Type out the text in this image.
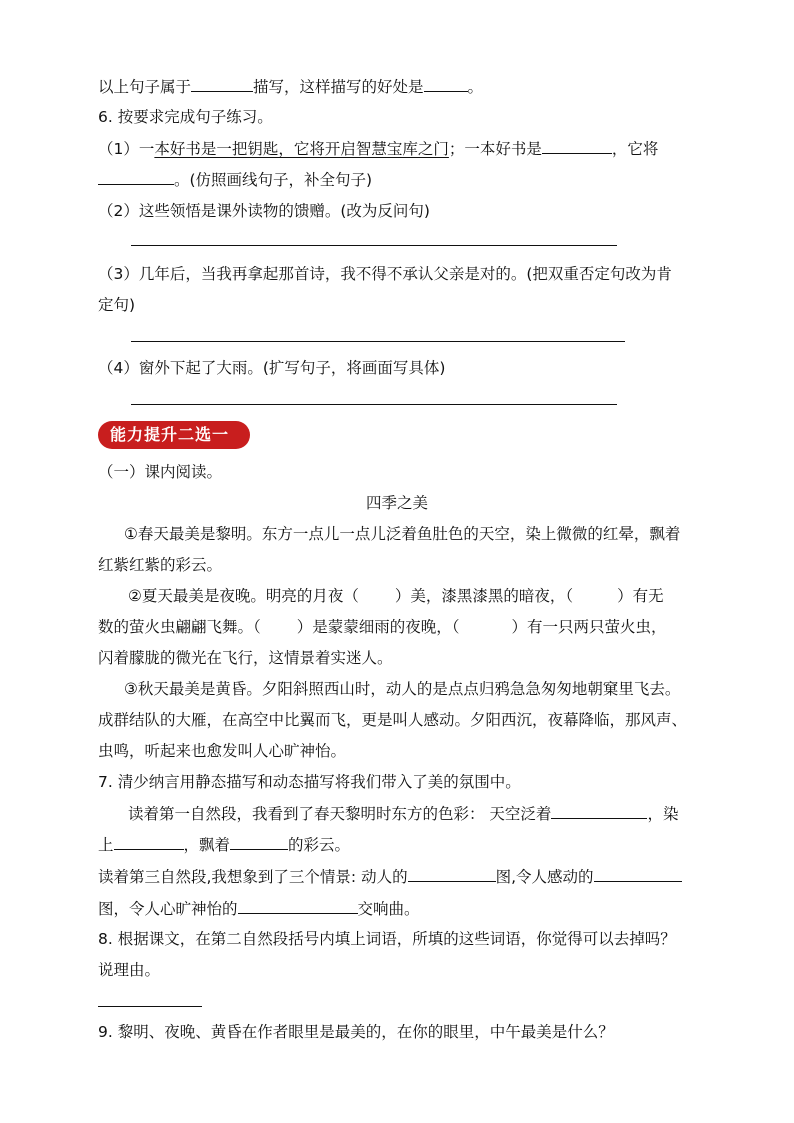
以上句子属于	描写，这样描写的好处是	。
6. 按要求完成句子练习。
（1）一本好书是一把钥匙，它将开启智慧宝库之门；一本好书是	，它将
。(仿照画线句子，补全句子)
（2）这些领悟是课外读物的馈赠。(改为反问句)
（3）几年后，当我再拿起那首诗，我不得不承认父亲是对的。(把双重否定句改为肯
定句)
（4）窗外下起了大雨。(扩写句子，将画面写具体)
能力提升二选一
（一）课内阅读。
四季之美
①春天最美是黎明。东方一点儿一点儿泛着鱼肚色的天空，染上微微的红晕，飘着
红紫红紫的彩云。
②夏天最美是夜晚。明亮的月夜（ ）美，漆黑漆黑的暗夜，（	）有无
数的萤火虫翩翩飞舞。（ ）是蒙蒙细雨的夜晚，（	）有一只两只萤火虫，
闪着朦胧的微光在飞行，这情景着实迷人。
③秋天最美是黄昏。夕阳斜照西山时，动人的是点点归鸦急急匆匆地朝窠里飞去。
成群结队的大雁，在高空中比翼而飞，更是叫人感动。夕阳西沉，夜幕降临，那风声、
虫鸣，听起来也愈发叫人心旷神怡。
7. 清少纳言用静态描写和动态描写将我们带入了美的氛围中。
读着第一自然段，我看到了春天黎明时东方的色彩： 天空泛着	，染
上	，飘着	的彩云。
读着第三自然段,我想象到了三个情景: 动人的	图,令人感动的
图，令人心旷神怡的	交响曲。
8. 根据课文，在第二自然段括号内填上词语，所填的这些词语，你觉得可以去掉吗？
说理由。
9. 黎明、夜晚、黄昏在作者眼里是最美的，在你的眼里，中午最美是什么？
